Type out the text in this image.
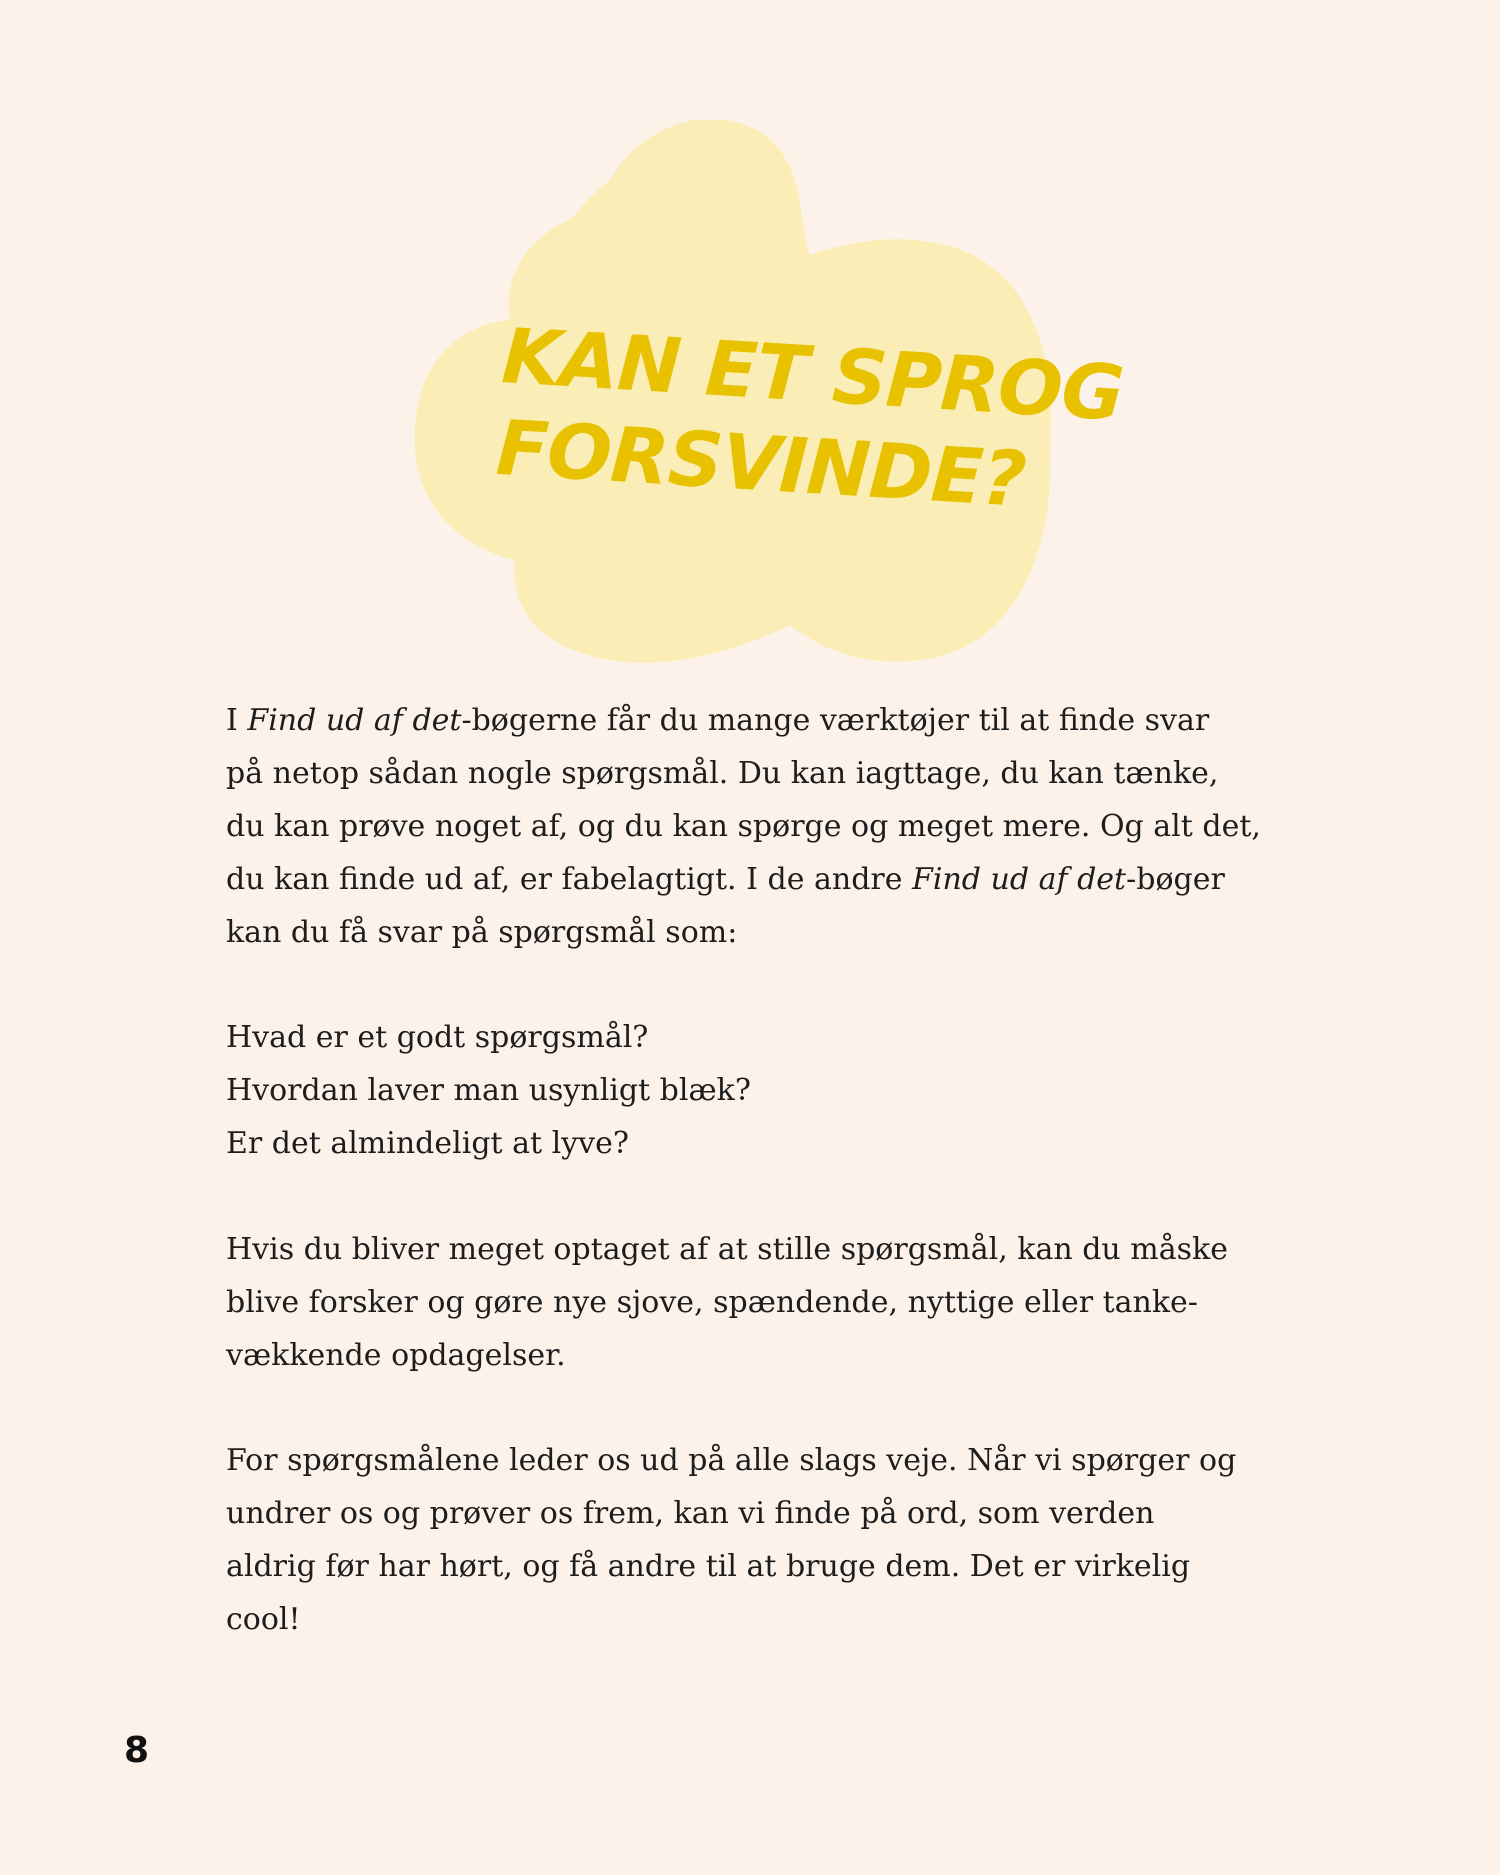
KAN ET SPROG
FORSVINDE?

I Find ud af det-bøgerne får du mange værktøjer til at finde svar
på netop sådan nogle spørgsmål. Du kan iagttage, du kan tænke,
du kan prøve noget af, og du kan spørge og meget mere. Og alt det,
du kan finde ud af, er fabelagtigt. I de andre Find ud af det-bøger
kan du få svar på spørgsmål som:

Hvad er et godt spørgsmål?
Hvordan laver man usynligt blæk?
Er det almindeligt at lyve?

Hvis du bliver meget optaget af at stille spørgsmål, kan du måske
blive forsker og gøre nye sjove, spændende, nyttige eller tanke-
vækkende opdagelser.

For spørgsmålene leder os ud på alle slags veje. Når vi spørger og
undrer os og prøver os frem, kan vi finde på ord, som verden
aldrig før har hørt, og få andre til at bruge dem. Det er virkelig
cool!

8
